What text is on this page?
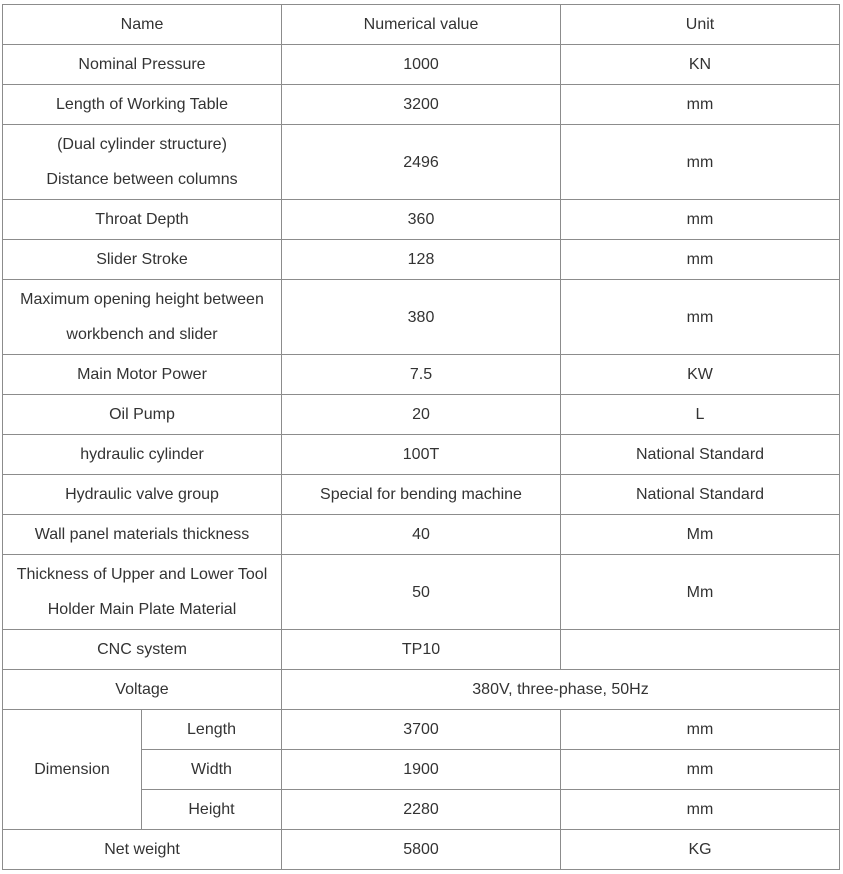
Name		Numerical value	Unit
Nominal Pressure		1000	KN
Length of Working Table		3200	mm

(Dual cylinder structure)
Distance between columns		2496	mm
Throat Depth		360	mm
Slider Stroke		128	mm

Maximum opening height between
workbench and slider		380	mm
Main Motor Power		7.5	KW
Oil Pump		20	L
hydraulic cylinder		100T	National Standard
Hydraulic valve group		Special for bending machine	National Standard
Wall panel materials thickness		40	Mm

Thickness of Upper and Lower Tool
Holder Main Plate Material		50	Mm
CNC system		TP10	
Voltage		380V, three-phase, 50Hz	
Dimension	Length	3700	mm
	Width	1900	mm
	Height	2280	mm
Net weight		5800	KG
